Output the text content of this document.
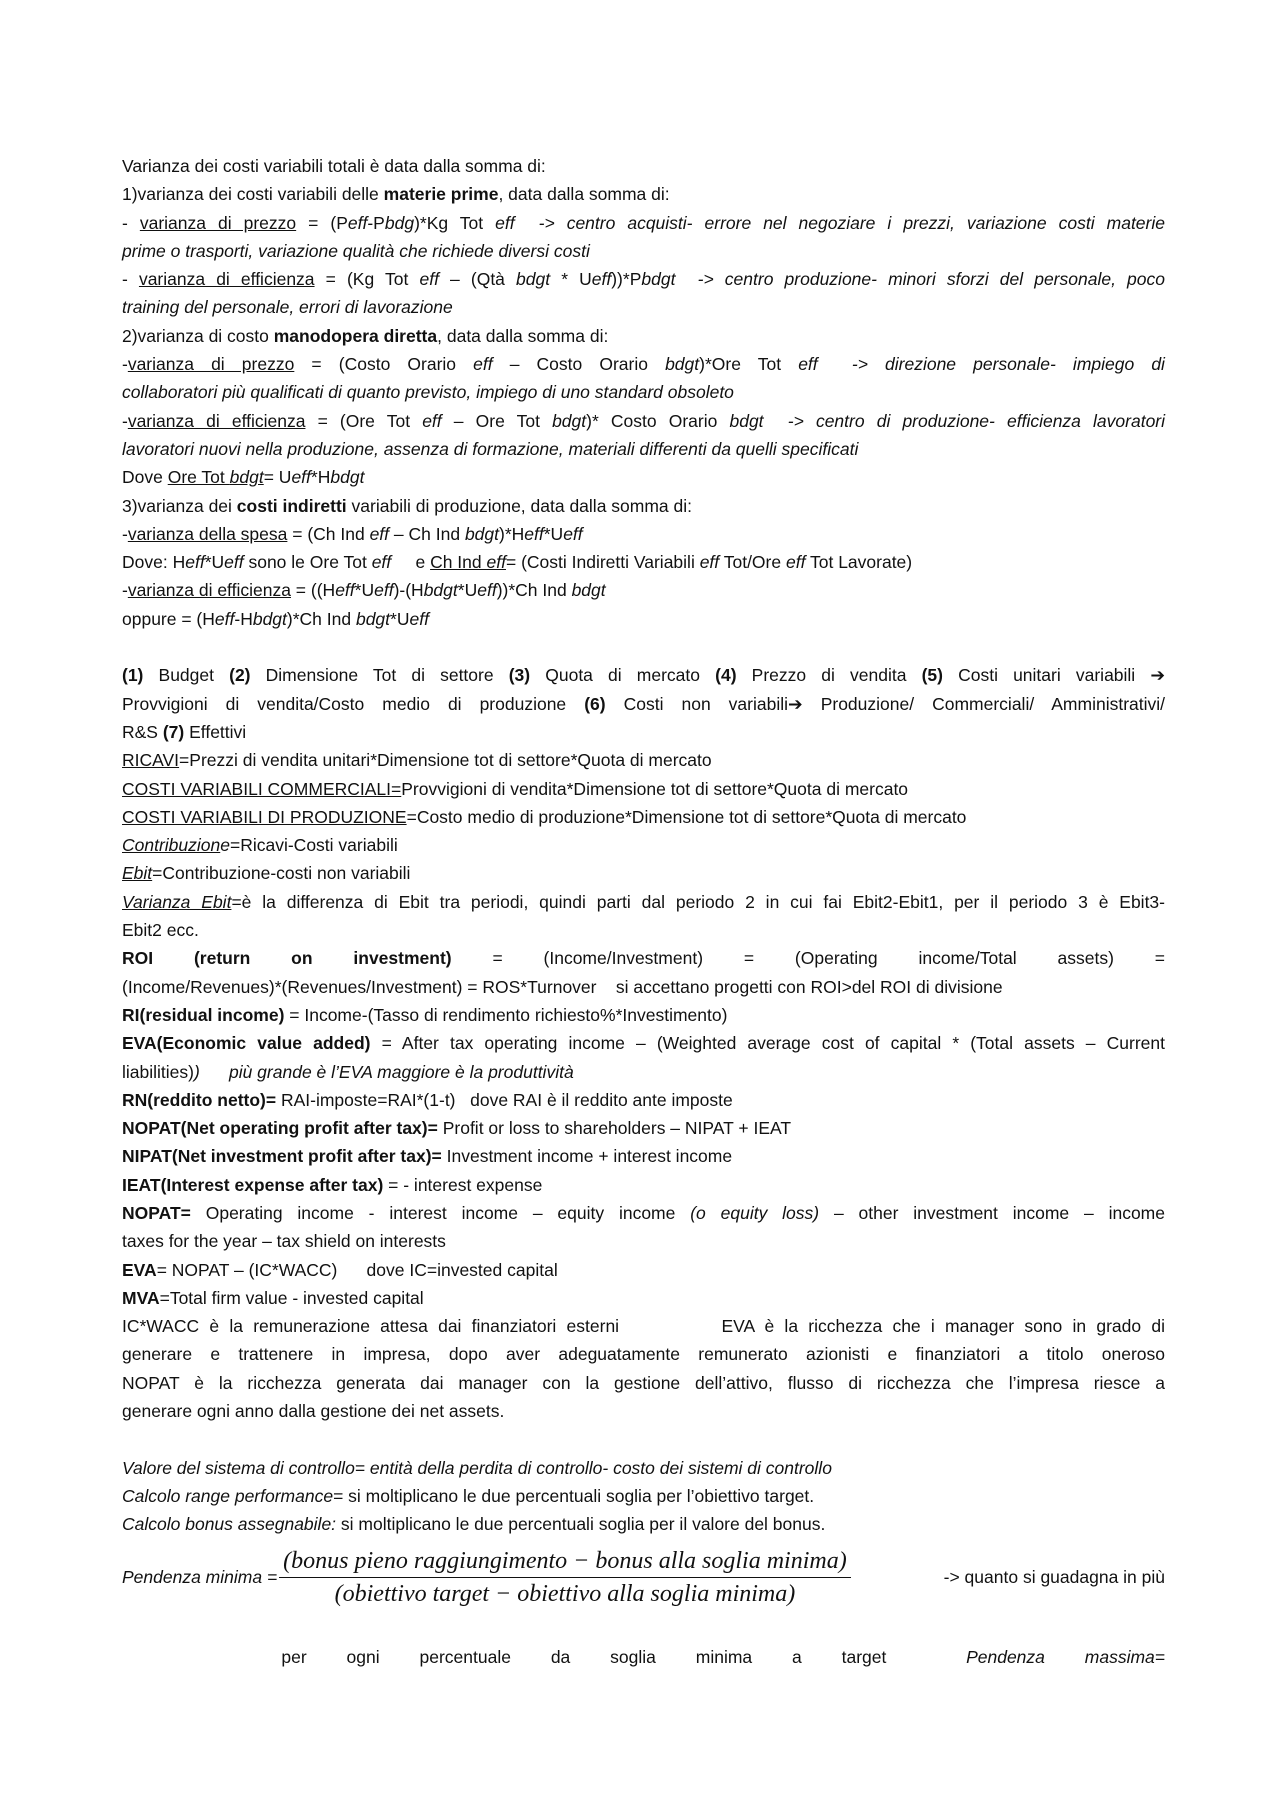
Varianza dei costi variabili totali è data dalla somma di:

1)varianza dei costi variabili delle materie prime, data dalla somma di:

- varianza di prezzo = (Peff-Pbdg)*Kg Tot eff  -> centro acquisti- errore nel negoziare i prezzi, variazione costi materie

prime o trasporti, variazione qualità che richiede diversi costi

- varianza di efficienza = (Kg Tot eff – (Qtà bdgt * Ueff))*Pbdgt  -> centro produzione- minori sforzi del personale, poco

training del personale, errori di lavorazione

2)varianza di costo manodopera diretta, data dalla somma di:

-varianza di prezzo = (Costo Orario eff – Costo Orario bdgt)*Ore Tot eff  -> direzione personale- impiego di

collaboratori più qualificati di quanto previsto, impiego di uno standard obsoleto

-varianza di efficienza = (Ore Tot eff – Ore Tot bdgt)* Costo Orario bdgt  -> centro di produzione- efficienza lavoratori

lavoratori nuovi nella produzione, assenza di formazione, materiali differenti da quelli specificati

Dove Ore Tot bdgt= Ueff*Hbdgt

3)varianza dei costi indiretti variabili di produzione, data dalla somma di:

-varianza della spesa = (Ch Ind eff – Ch Ind bdgt)*Heff*Ueff

Dove: Heff*Ueff sono le Ore Tot eff     e Ch Ind eff= (Costi Indiretti Variabili eff Tot/Ore eff Tot Lavorate)

-varianza di efficienza = ((Heff*Ueff)-(Hbdgt*Ueff))*Ch Ind bdgt

oppure = (Heff-Hbdgt)*Ch Ind bdgt*Ueff

(1) Budget (2) Dimensione Tot di settore (3) Quota di mercato (4) Prezzo di vendita (5) Costi unitari variabili ➔

Provvigioni di vendita/Costo medio di produzione (6) Costi non variabili➔ Produzione/ Commerciali/ Amministrativi/

R&S (7) Effettivi

RICAVI=Prezzi di vendita unitari*Dimensione tot di settore*Quota di mercato

COSTI VARIABILI COMMERCIALI=Provvigioni di vendita*Dimensione tot di settore*Quota di mercato

COSTI VARIABILI DI PRODUZIONE=Costo medio di produzione*Dimensione tot di settore*Quota di mercato

Contribuzione=Ricavi-Costi variabili

Ebit=Contribuzione-costi non variabili

Varianza Ebit=è la differenza di Ebit tra periodi, quindi parti dal periodo 2 in cui fai Ebit2-Ebit1, per il periodo 3 è Ebit3-

Ebit2 ecc.

ROI (return on investment) = (Income/Investment) = (Operating income/Total assets) =

(Income/Revenues)*(Revenues/Investment) = ROS*Turnover    si accettano progetti con ROI>del ROI di divisione

RI(residual income) = Income-(Tasso di rendimento richiesto%*Investimento)

EVA(Economic value added) = After tax operating income – (Weighted average cost of capital * (Total assets – Current

liabilities))      più grande è l’EVA maggiore è la produttività

RN(reddito netto)= RAI-imposte=RAI*(1-t)   dove RAI è il reddito ante imposte

NOPAT(Net operating profit after tax)= Profit or loss to shareholders – NIPAT + IEAT

NIPAT(Net investment profit after tax)= Investment income + interest income

IEAT(Interest expense after tax) = - interest expense

NOPAT= Operating income - interest income – equity income (o equity loss) – other investment income – income

taxes for the year – tax shield on interests

EVA= NOPAT – (IC*WACC)      dove IC=invested capital

MVA=Total firm value - invested capital

IC*WACC è la remunerazione attesa dai finanziatori esterni          EVA è la ricchezza che i manager sono in grado di

generare e trattenere in impresa, dopo aver adeguatamente remunerato azionisti e finanziatori a titolo oneroso

NOPAT è la ricchezza generata dai manager con la gestione dell’attivo, flusso di ricchezza che l’impresa riesce a

generare ogni anno dalla gestione dei net assets.

Valore del sistema di controllo= entità della perdita di controllo- costo dei sistemi di controllo

Calcolo range performance= si moltiplicano le due percentuali soglia per l’obiettivo target.

Calcolo bonus assegnabile: si moltiplicano le due percentuali soglia per il valore del bonus.

Pendenza minima = $\frac{\text{(bonus pieno raggiungimento − bonus alla soglia minima)}}{\text{(obiettivo target − obiettivo alla soglia minima)}}$	-> quanto si guadagna in più

per ogni percentuale da soglia minima a target	Pendenza massima=
